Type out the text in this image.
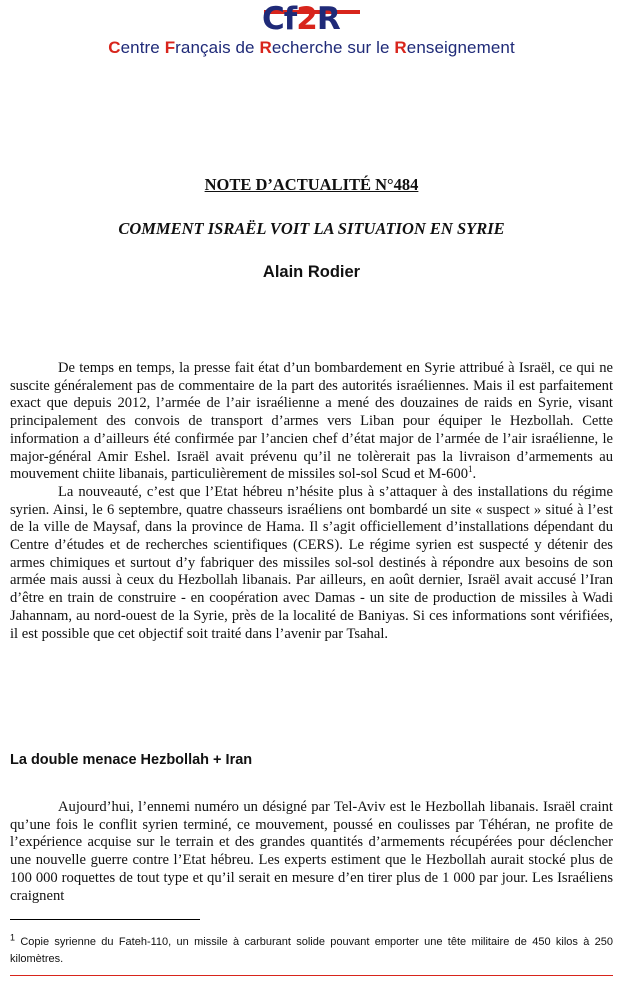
Cf2R
Centre Français de Recherche sur le Renseignement
NOTE D’ACTUALITÉ N°484
COMMENT ISRAËL VOIT LA SITUATION EN SYRIE
Alain Rodier

De temps en temps, la presse fait état d’un bombardement en Syrie attribué à Israël, ce qui ne suscite généralement pas de commentaire de la part des autorités israéliennes. Mais il est parfaitement exact que depuis 2012, l’armée de l’air israélienne a mené des douzaines de raids en Syrie, visant principalement des convois de transport d’armes vers Liban pour équiper le Hezbollah. Cette information a d’ailleurs été confirmée par l’ancien chef d’état major de l’armée de l’air israélienne, le major-général Amir Eshel. Israël avait prévenu qu’il ne tolèrerait pas la livraison d’armements au mouvement chiite libanais, particulièrement de missiles sol-sol Scud et $M-600^1$.

La nouveauté, c’est que l’Etat hébreu n’hésite plus à s’attaquer à des installations du régime syrien. Ainsi, le 6 septembre, quatre chasseurs israéliens ont bombardé un site « suspect » situé à l’est de la ville de Maysaf, dans la province de Hama. Il s’agit officiellement d’installations dépendant du Centre d’études et de recherches scientifiques (CERS). Le régime syrien est suspecté y détenir des armes chimiques et surtout d’y fabriquer des missiles sol-sol destinés à répondre aux besoins de son armée mais aussi à ceux du Hezbollah libanais. Par ailleurs, en août dernier, Israël avait accusé l’Iran d’être en train de construire - en coopération avec Damas - un site de production de missiles à Wadi Jahannam, au nord-ouest de la Syrie, près de la localité de Baniyas. Si ces informations sont vérifiées, il est possible que cet objectif soit traité dans l’avenir par Tsahal.

La double menace Hezbollah + Iran

Aujourd’hui, l’ennemi numéro un désigné par Tel-Aviv est le Hezbollah libanais. Israël craint qu’une fois le conflit syrien terminé, ce mouvement, poussé en coulisses par Téhéran, ne profite de l’expérience acquise sur le terrain et des grandes quantités d’armements récupérées pour déclencher une nouvelle guerre contre l’Etat hébreu. Les experts estiment que le Hezbollah aurait stocké plus de 100 000 roquettes de tout type et qu’il serait en mesure d’en tirer plus de 1 000 par jour. Les Israéliens craignent

$^1$ Copie syrienne du Fateh-110, un missile à carburant solide pouvant emporter une tête militaire de 450 kilos à 250 kilomètres.
